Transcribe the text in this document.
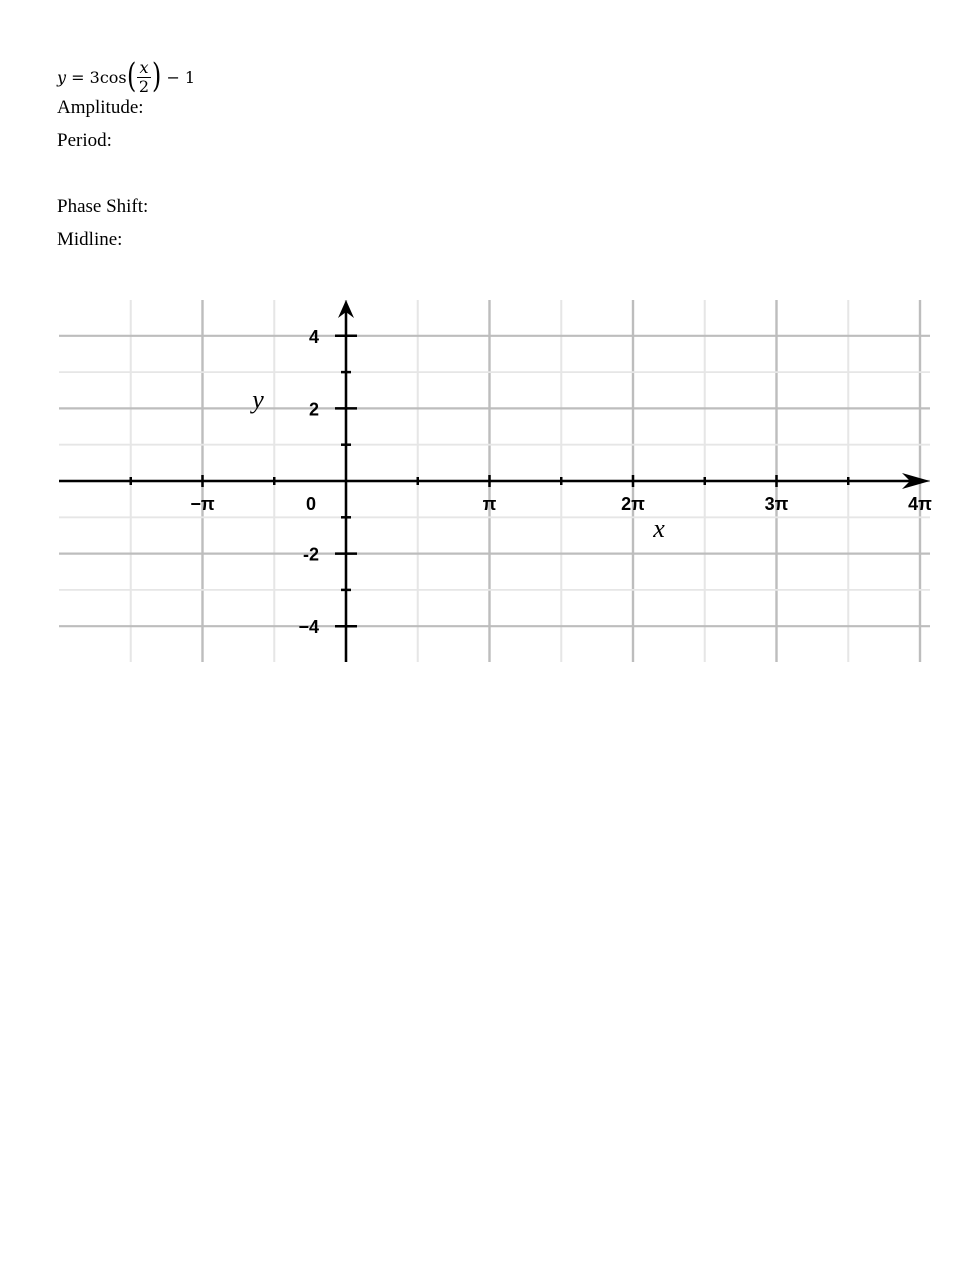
y
=
3cos ( $\frac{x}{2}$ )
− 1
Amplitude:
Period:
Phase Shift:
Midline:
−π	0	π	2π	3π	4π
4
2
-2
−4
x
y
